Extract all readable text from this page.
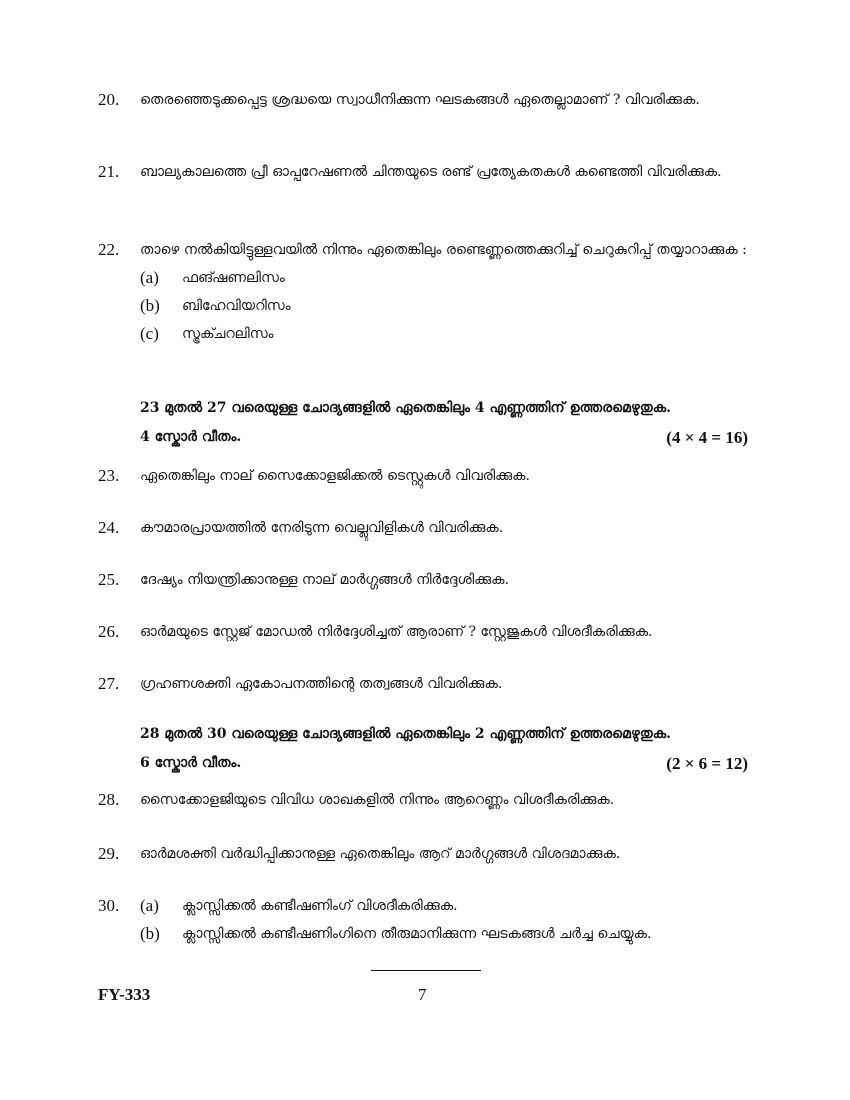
20.	തെരഞ്ഞെടുക്കപ്പെട്ട ശ്രദ്ധയെ സ്വാധീനിക്കുന്ന ഘടകങ്ങൾ ഏതെല്ലാമാണ് ? വിവരിക്കുക.
21.	ബാല്യകാലത്തെ പ്രീ ഓപ്പറേഷണൽ ചിന്തയുടെ രണ്ട് പ്രത്യേകതകൾ കണ്ടെത്തി വിവരിക്കുക.
22.	താഴെ നൽകിയിട്ടുള്ളവയിൽ നിന്നും ഏതെങ്കിലും രണ്ടെണ്ണത്തെക്കുറിച്ച് ചെറുകുറിപ്പ് തയ്യാറാക്കുക :
(a)	ഫങ്ഷണലിസം
(b)	ബിഹേവിയറിസം
(c)	സ്ട്രക്ചറലിസം
23 മുതൽ 27 വരെയുള്ള ചോദ്യങ്ങളിൽ ഏതെങ്കിലും 4 എണ്ണത്തിന് ഉത്തരമെഴുതുക.
4 സ്കോർ വീതം.	(4 × 4 = 16)
23.	ഏതെങ്കിലും നാല് സൈക്കോളജിക്കൽ ടെസ്റ്റുകൾ വിവരിക്കുക.
24.	കൗമാരപ്രായത്തിൽ നേരിടുന്ന വെല്ലുവിളികൾ വിവരിക്കുക.
25.	ദേഷ്യം നിയന്ത്രിക്കാനുള്ള നാല് മാർഗ്ഗങ്ങൾ നിർദ്ദേശിക്കുക.
26.	ഓർമയുടെ സ്റ്റേജ് മോഡൽ നിർദ്ദേശിച്ചത് ആരാണ് ? സ്റ്റേജുകൾ വിശദീകരിക്കുക.
27.	ഗ്രഹണശക്തി ഏകോപനത്തിന്റെ തത്വങ്ങൾ വിവരിക്കുക.
28 മുതൽ 30 വരെയുള്ള ചോദ്യങ്ങളിൽ ഏതെങ്കിലും 2 എണ്ണത്തിന് ഉത്തരമെഴുതുക.
6 സ്കോർ വീതം.	(2 × 6 = 12)
28.	സൈക്കോളജിയുടെ വിവിധ ശാഖകളിൽ നിന്നും ആറെണ്ണം വിശദീകരിക്കുക.
29.	ഓർമശക്തി വർദ്ധിപ്പിക്കാനുള്ള ഏതെങ്കിലും ആറ് മാർഗ്ഗങ്ങൾ വിശദമാക്കുക.
30.	(a)	ക്ലാസ്സിക്കൽ കണ്ടീഷണിംഗ് വിശദീകരിക്കുക.
(b)	ക്ലാസ്സിക്കൽ കണ്ടീഷണിംഗിനെ തീരുമാനിക്കുന്ന ഘടകങ്ങൾ ചർച്ച ചെയ്യുക.
FY-333	7
